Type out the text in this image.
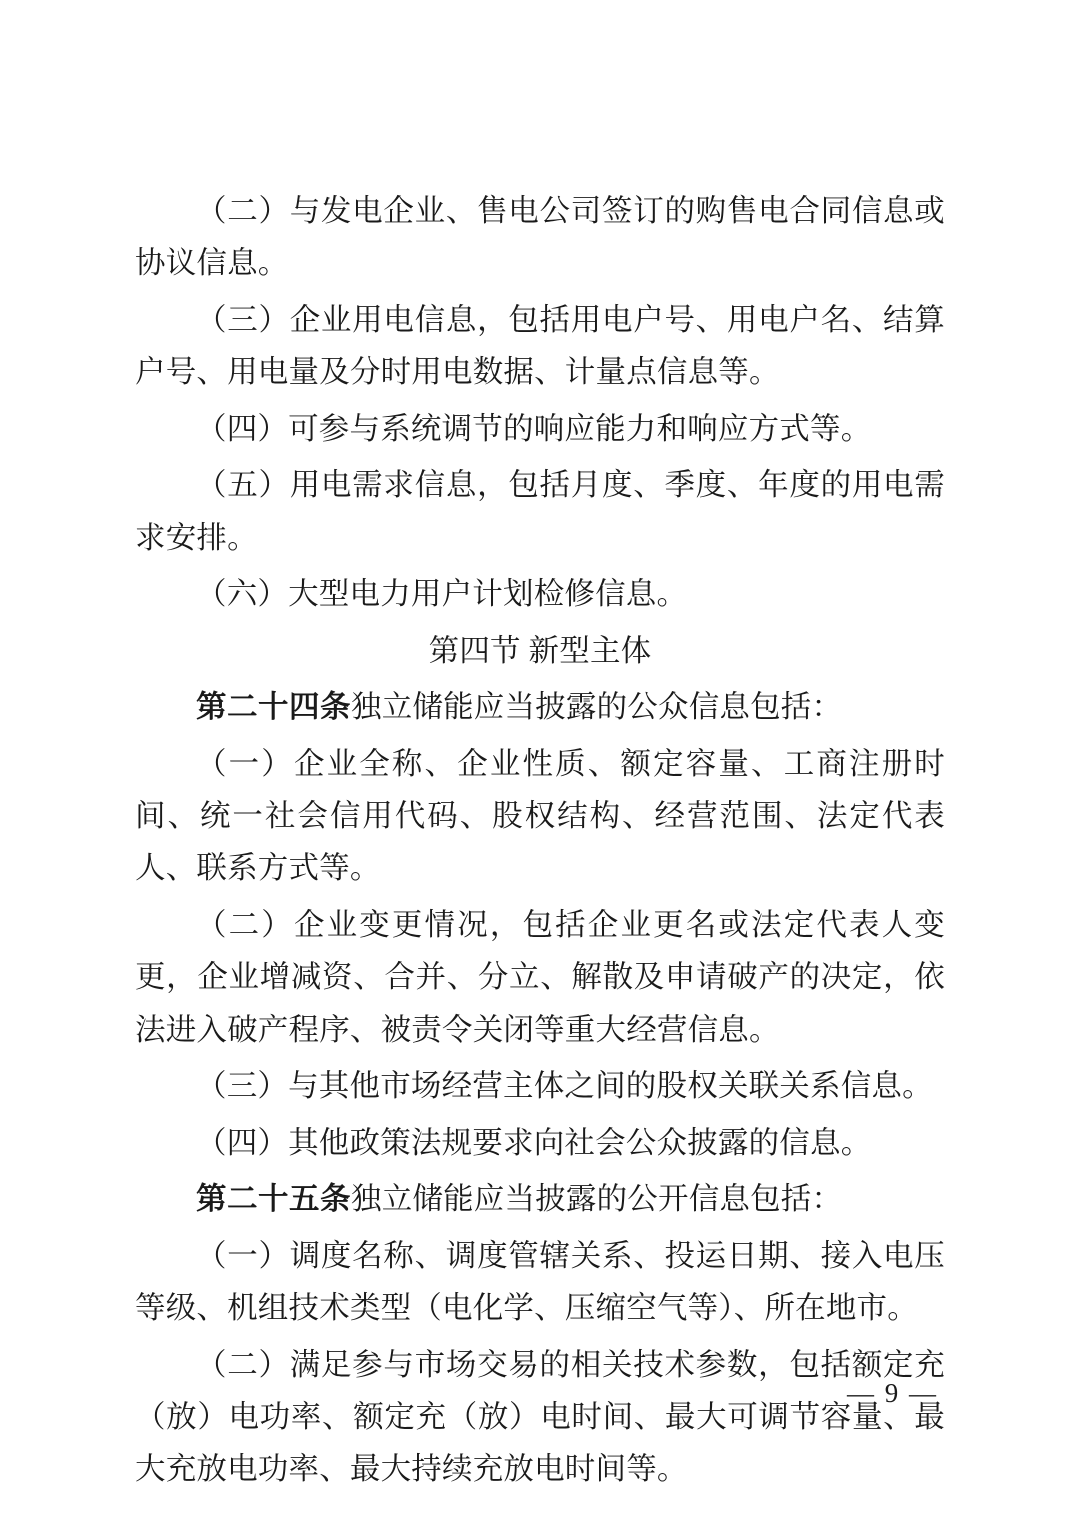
（二）与发电企业、售电公司签订的购售电合同信息或协议信息。

（三）企业用电信息，包括用电户号、用电户名、结算户号、用电量及分时用电数据、计量点信息等。

（四）可参与系统调节的响应能力和响应方式等。

（五）用电需求信息，包括月度、季度、年度的用电需求安排。

（六）大型电力用户计划检修信息。

第四节 新型主体

第二十四条独立储能应当披露的公众信息包括：

（一）企业全称、企业性质、额定容量、工商注册时间、统一社会信用代码、股权结构、经营范围、法定代表人、联系方式等。

（二）企业变更情况，包括企业更名或法定代表人变更，企业增减资、合并、分立、解散及申请破产的决定，依法进入破产程序、被责令关闭等重大经营信息。

（三）与其他市场经营主体之间的股权关联关系信息。

（四）其他政策法规要求向社会公众披露的信息。

第二十五条独立储能应当披露的公开信息包括：

（一）调度名称、调度管辖关系、投运日期、接入电压等级、机组技术类型（电化学、压缩空气等）、所在地市。

（二）满足参与市场交易的相关技术参数，包括额定充（放）电功率、额定充（放）电时间、最大可调节容量、最大充放电功率、最大持续充放电时间等。

— 9 —
